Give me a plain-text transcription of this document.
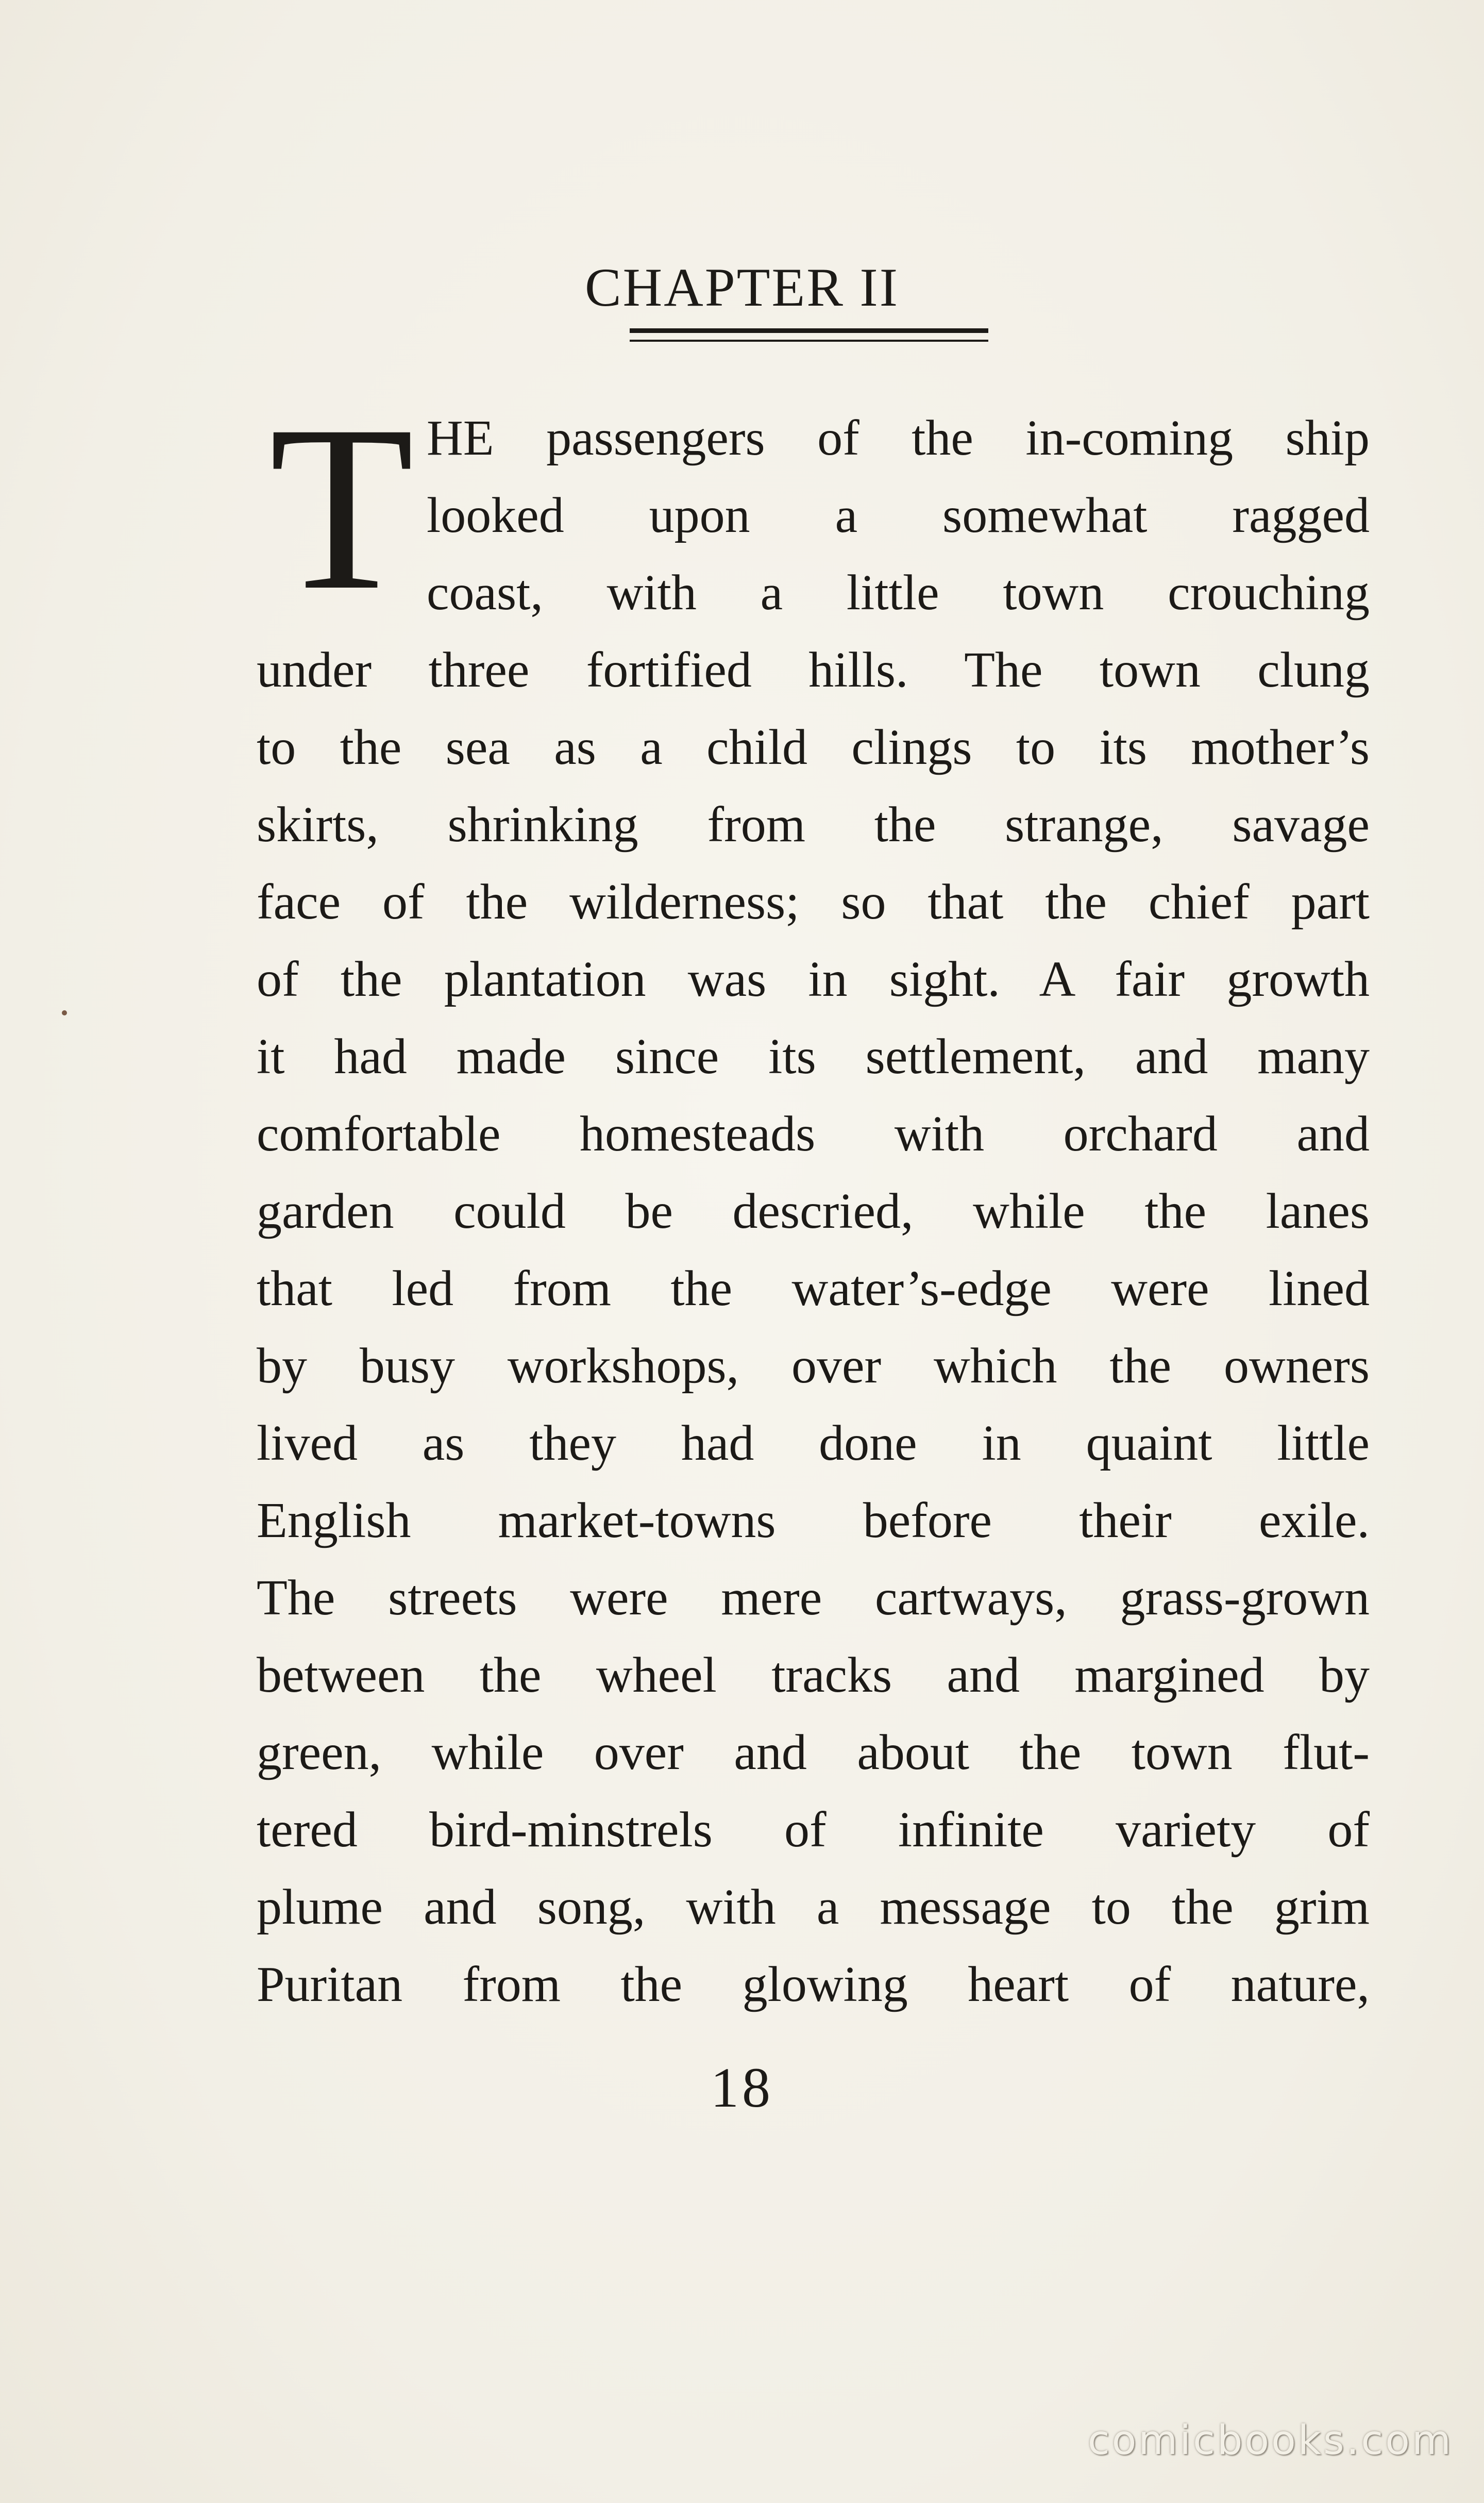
CHAPTER II
T HE passengers of the in-coming ship
looked upon a somewhat ragged
coast, with a little town crouching
under three fortified hills. The town clung
to the sea as a child clings to its mother’s
skirts, shrinking from the strange, savage
face of the wilderness; so that the chief part
of the plantation was in sight. A fair growth
it had made since its settlement, and many
comfortable homesteads with orchard and
garden could be descried, while the lanes
that led from the water’s-edge were lined
by busy workshops, over which the owners
lived as they had done in quaint little
English market-towns before their exile.
The streets were mere cartways, grass-grown
between the wheel tracks and margined by
green, while over and about the town flut-
tered bird-minstrels of infinite variety of
plume and song, with a message to the grim
Puritan from the glowing heart of nature,
18
comicbooks.com
